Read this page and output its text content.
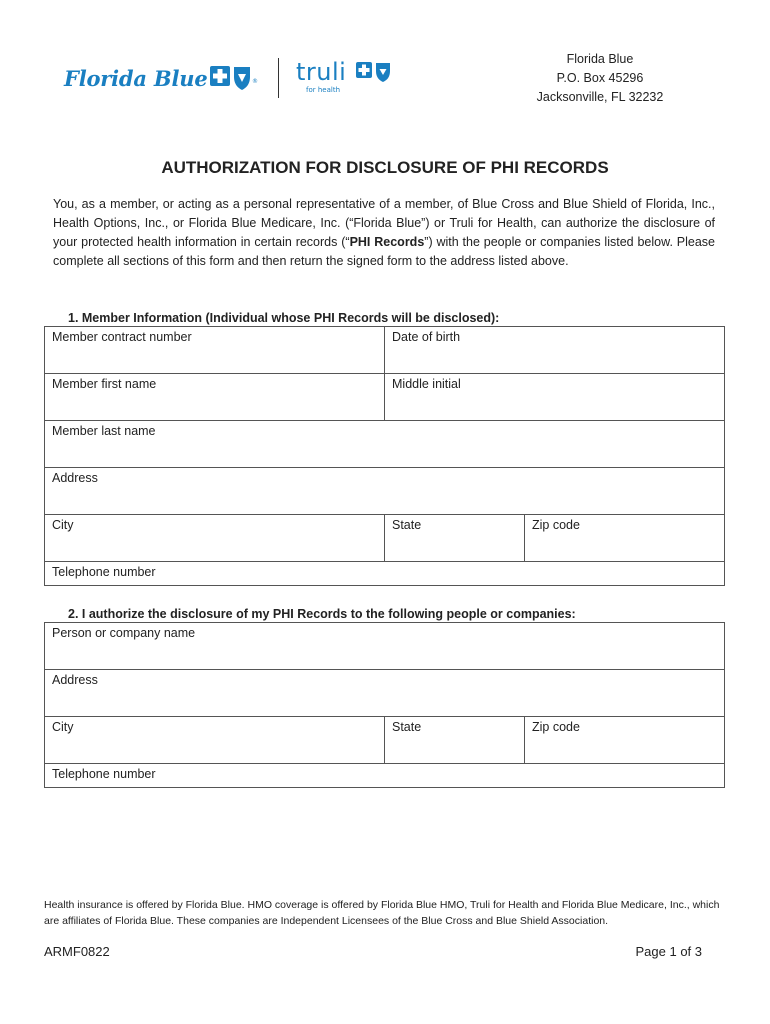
Florida Blue	® truli
for health
Florida Blue
P.O. Box 45296
Jacksonville, FL 32232
AUTHORIZATION FOR DISCLOSURE OF PHI RECORDS
You, as a member, or acting as a personal representative of a member, of Blue Cross and Blue Shield of Florida, Inc., Health Options, Inc., or Florida Blue Medicare, Inc. (“Florida Blue”) or Truli for Health, can authorize the disclosure of your protected health information in certain records (“PHI Records”) with the people or companies listed below. Please complete all sections of this form and then return the signed form to the address listed above.
1. Member Information (Individual whose PHI Records will be disclosed):
Member contract number	Date of birth
Member first name	Middle initial
Member last name
Address
City	State	Zip code
Telephone number
2. I authorize the disclosure of my PHI Records to the following people or companies:
Person or company name
Address
City	State	Zip code
Telephone number
Health insurance is offered by Florida Blue. HMO coverage is offered by Florida Blue HMO, Truli for Health and Florida Blue Medicare, Inc., which are affiliates of Florida Blue. These companies are Independent Licensees of the Blue Cross and Blue Shield Association.
ARMF0822	Page 1 of 3
